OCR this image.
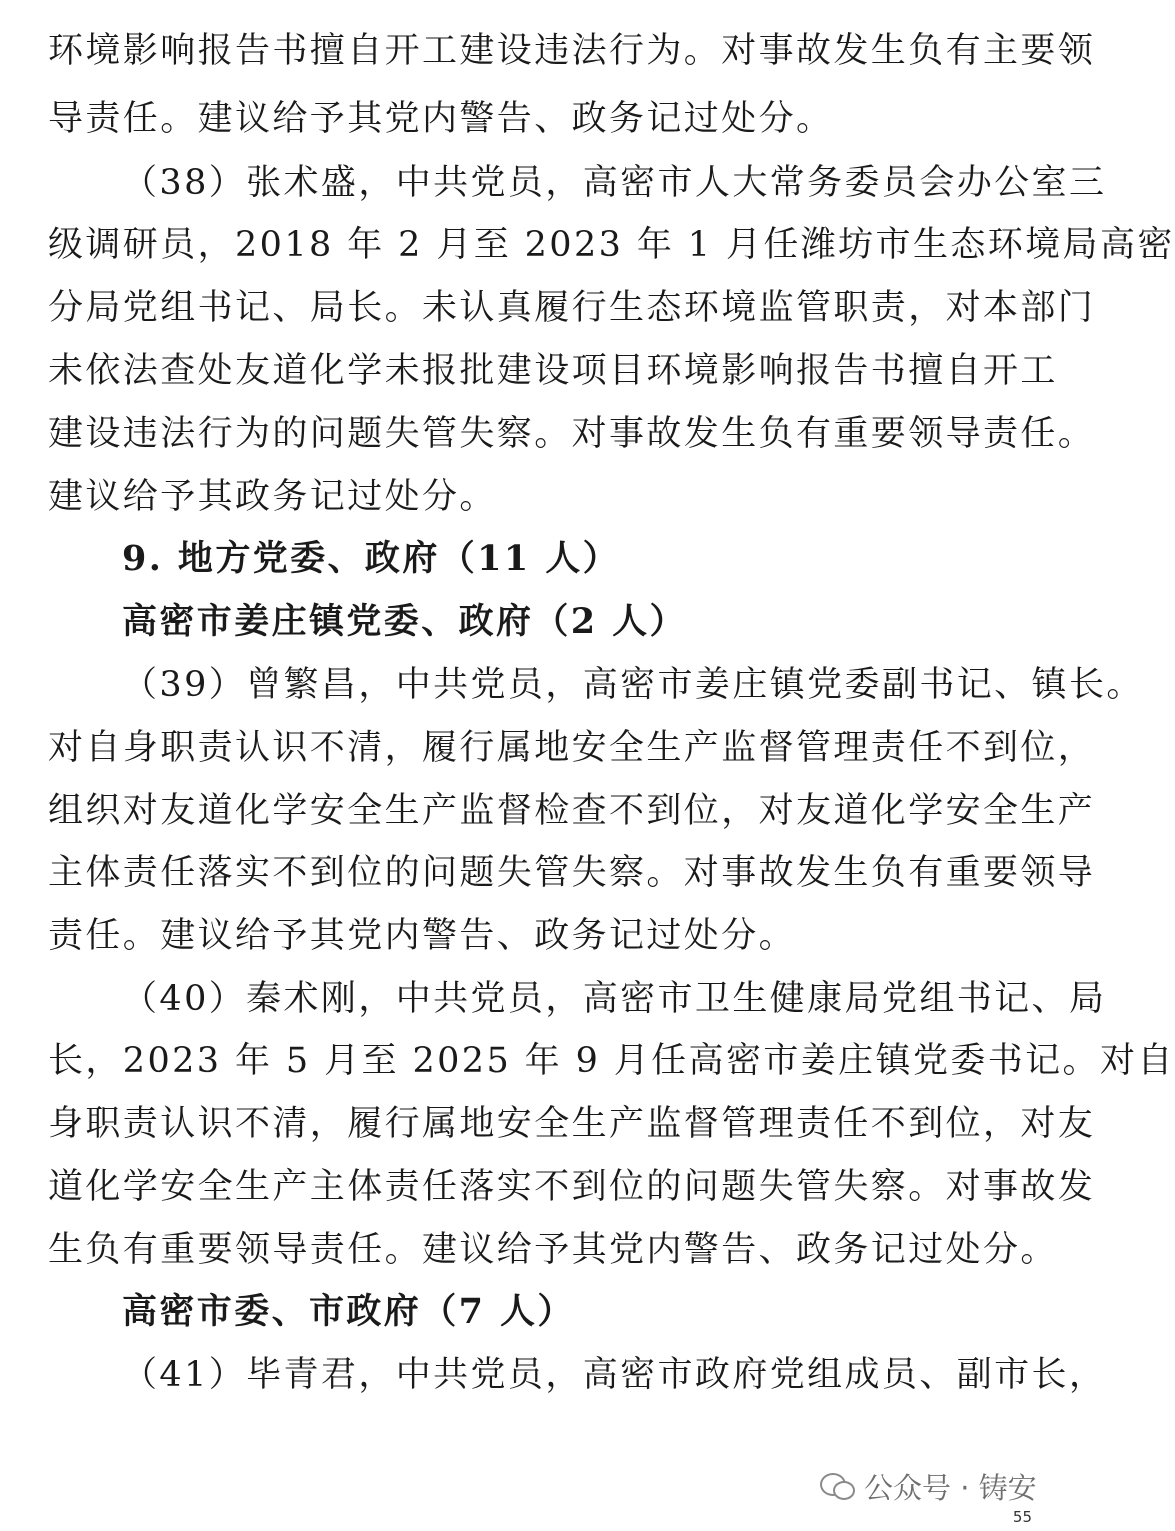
环境影响报告书擅自开工建设违法行为。对事故发生负有主要领
导责任。建议给予其党内警告、政务记过处分。
（38）张术盛，中共党员，高密市人大常务委员会办公室三
级调研员，2018 年 2 月至 2023 年 1 月任潍坊市生态环境局高密
分局党组书记、局长。未认真履行生态环境监管职责，对本部门
未依法查处友道化学未报批建设项目环境影响报告书擅自开工
建设违法行为的问题失管失察。对事故发生负有重要领导责任。
建议给予其政务记过处分。
9. 地方党委、政府（11 人）
高密市姜庄镇党委、政府（2 人）
（39）曾繁昌，中共党员，高密市姜庄镇党委副书记、镇长。
对自身职责认识不清，履行属地安全生产监督管理责任不到位，
组织对友道化学安全生产监督检查不到位，对友道化学安全生产
主体责任落实不到位的问题失管失察。对事故发生负有重要领导
责任。建议给予其党内警告、政务记过处分。
（40）秦术刚，中共党员，高密市卫生健康局党组书记、局
长，2023 年 5 月至 2025 年 9 月任高密市姜庄镇党委书记。对自
身职责认识不清，履行属地安全生产监督管理责任不到位，对友
道化学安全生产主体责任落实不到位的问题失管失察。对事故发
生负有重要领导责任。建议给予其党内警告、政务记过处分。
高密市委、市政府（7 人）
（41）毕青君，中共党员，高密市政府党组成员、副市长，
公众号 · 铸安
55
